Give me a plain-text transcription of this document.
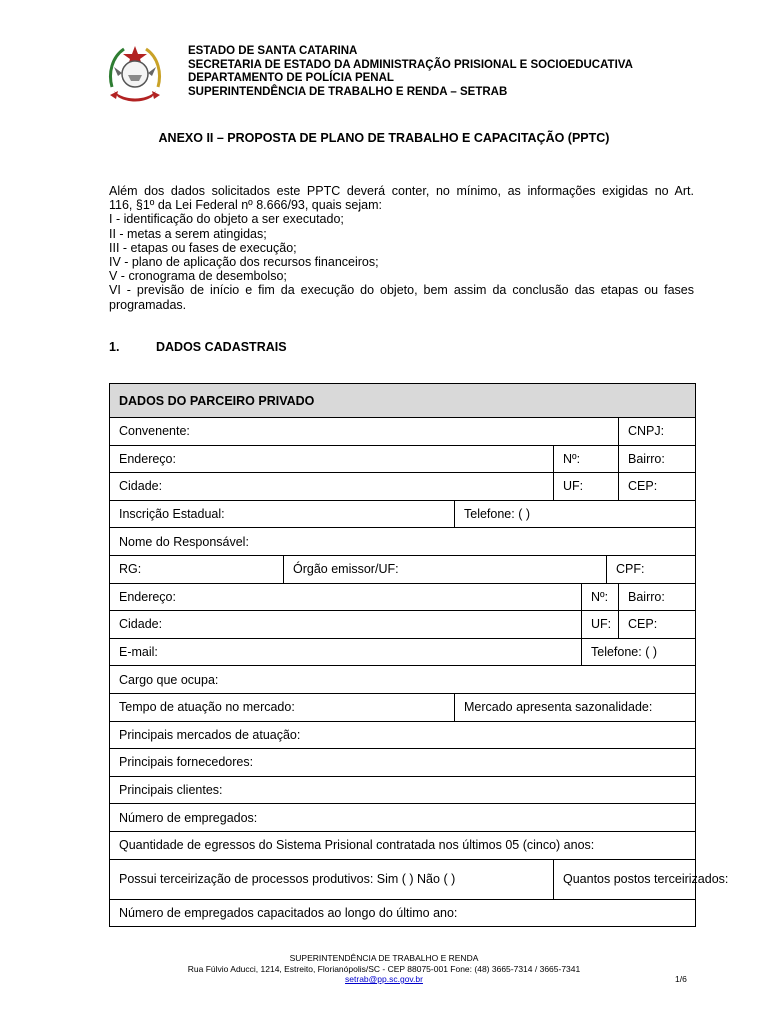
ESTADO DE SANTA CATARINA
SECRETARIA DE ESTADO DA ADMINISTRAÇÃO PRISIONAL E SOCIOEDUCATIVA
DEPARTAMENTO DE POLÍCIA PENAL
SUPERINTENDÊNCIA DE TRABALHO E RENDA – SETRAB
ANEXO II – PROPOSTA DE PLANO DE TRABALHO E CAPACITAÇÃO (PPTC)
Além dos dados solicitados este PPTC deverá conter, no mínimo, as informações exigidas no Art.
116, §1º da Lei Federal nº 8.666/93, quais sejam:
I - identificação do objeto a ser executado;
II - metas a serem atingidas;
III - etapas ou fases de execução;
IV - plano de aplicação dos recursos financeiros;
V - cronograma de desembolso;
VI - previsão de início e fim da execução do objeto, bem assim da conclusão das etapas ou fases
programadas.
1.	DADOS CADASTRAIS
DADOS DO PARCEIRO PRIVADO						
Convenente:						CNPJ:
Endereço:			Nº:			Bairro:
Cidade:			UF:			CEP:
Inscrição Estadual:		Telefone: ( )				
Nome do Responsável:						
RG:	Órgão emissor/UF:				CPF:	
Endereço:				Nº:		Bairro:
Cidade:				UF:		CEP:
E-mail:				Telefone: ( )		
Cargo que ocupa:						
Tempo de atuação no mercado:		Mercado apresenta sazonalidade:				
Principais mercados de atuação:						
Principais fornecedores:						
Principais clientes:						
Número de empregados:						
Quantidade de egressos do Sistema Prisional contratada nos últimos 05 (cinco) anos:						
Possui terceirização de processos produtivos: Sim ( ) Não ( )			Quantos postos terceirizados:			
Número de empregados capacitados ao longo do último ano:						
SUPERINTENDÊNCIA DE TRABALHO E RENDA
Rua Fúlvio Aducci, 1214, Estreito, Florianópolis/SC - CEP 88075-001 Fone: (48) 3665-7314 / 3665-7341
setrab@pp.sc.gov.br	1/6
